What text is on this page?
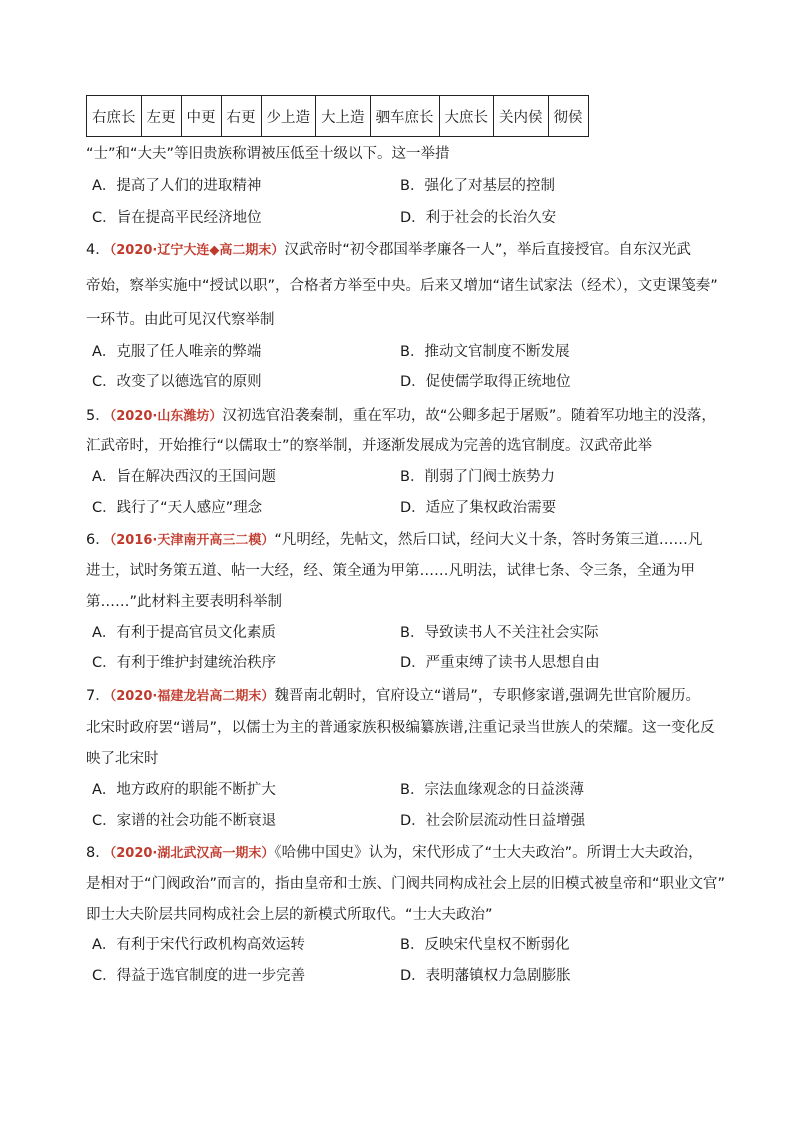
右庶长	左更	中更	右更	少上造	大上造	驷车庶长	大庶长	关内侯	彻侯
“士”和“大夫”等旧贵族称谓被压低至十级以下。这一举措
A．提高了人们的进取精神	B．强化了对基层的控制
C．旨在提高平民经济地位	D．利于社会的长治久安
4．（2020·辽宁大连◆高二期末）汉武帝时“初令郡国举孝廉各一人”，举后直接授官。自东汉光武
帝始，察举实施中“授试以职”，合格者方举至中央。后来又增加“诸生试家法（经术），文吏课笺奏”
一环节。由此可见汉代察举制
A．克服了任人唯亲的弊端	B．推动文官制度不断发展
C．改变了以德选官的原则	D．促使儒学取得正统地位
5．（2020·山东潍坊）汉初选官沿袭秦制，重在军功，故“公卿多起于屠贩”。随着军功地主的没落，
汇武帝时，开始推行“以儒取士”的察举制，并逐渐发展成为完善的选官制度。汉武帝此举
A．旨在解决西汉的王国问题	B．削弱了门阀士族势力
C．践行了“天人感应”理念	D．适应了集权政治需要
6．（2016·天津南开高三二模）“凡明经，先帖文，然后口试，经问大义十条，答时务策三道……凡
进士，试时务策五道、帖一大经，经、策全通为甲第……凡明法，试律七条、令三条，全通为甲
第……”此材料主要表明科举制
A．有利于提高官员文化素质	B．导致读书人不关注社会实际
C．有利于维护封建统治秩序	D．严重束缚了读书人思想自由
7．（2020·福建龙岩高二期末）魏晋南北朝时，官府设立“谱局”，专职修家谱,强调先世官阶履历。
北宋时政府罢“谱局”，以儒士为主的普通家族积极编纂族谱,注重记录当世族人的荣耀。这一变化反
映了北宋时
A．地方政府的职能不断扩大	B．宗法血缘观念的日益淡薄
C．家谱的社会功能不断衰退	D．社会阶层流动性日益增强
8．（2020·湖北武汉高一期末）《哈佛中国史》认为，宋代形成了“士大夫政治”。所谓士大夫政治，
是相对于“门阀政治”而言的，指由皇帝和士族、门阀共同构成社会上层的旧模式被皇帝和“职业文官”
即士大夫阶层共同构成社会上层的新模式所取代。“士大夫政治”
A．有利于宋代行政机构高效运转	B．反映宋代皇权不断弱化
C．得益于选官制度的进一步完善	D．表明藩镇权力急剧膨胀
